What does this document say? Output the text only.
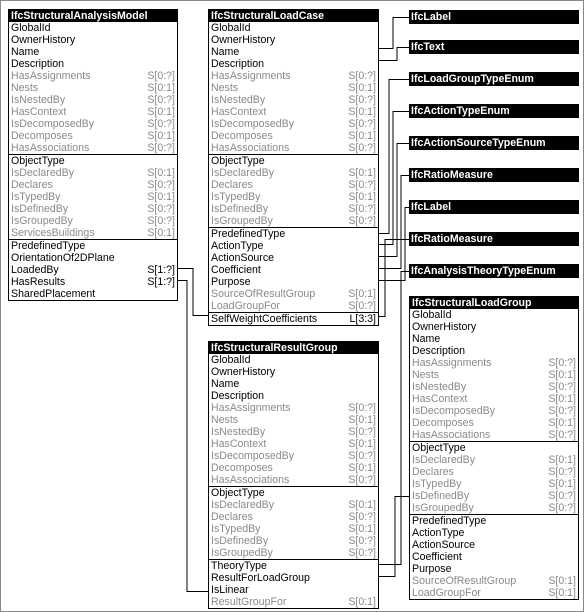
IfcStructuralAnalysisModel
GlobalId
OwnerHistory
Name
Description
HasAssignments	S[0:?]
Nests	S[0:1]
IsNestedBy	S[0:?]
HasContext	S[0:1]
IsDecomposedBy	S[0:?]
Decomposes	S[0:1]
HasAssociations	S[0:?]
ObjectType
IsDeclaredBy	S[0:1]
Declares	S[0:?]
IsTypedBy	S[0:1]
IsDefinedBy	S[0:?]
IsGroupedBy	S[0:?]
ServicesBuildings	S[0:1]
PredefinedType
OrientationOf2DPlane
LoadedBy	S[1:?]
HasResults	S[1:?]
SharedPlacement
IfcStructuralLoadCase
GlobalId
OwnerHistory
Name
Description
HasAssignments	S[0:?]
Nests	S[0:1]
IsNestedBy	S[0:?]
HasContext	S[0:1]
IsDecomposedBy	S[0:?]
Decomposes	S[0:1]
HasAssociations	S[0:?]
ObjectType
IsDeclaredBy	S[0:1]
Declares	S[0:?]
IsTypedBy	S[0:1]
IsDefinedBy	S[0:?]
IsGroupedBy	S[0:?]
PredefinedType
ActionType
ActionSource
Coefficient
Purpose
SourceOfResultGroup	S[0:1]
LoadGroupFor	S[0:?]
SelfWeightCoefficients	L[3:3]
IfcStructuralResultGroup
GlobalId
OwnerHistory
Name
Description
HasAssignments	S[0:?]
Nests	S[0:1]
IsNestedBy	S[0:?]
HasContext	S[0:1]
IsDecomposedBy	S[0:?]
Decomposes	S[0:1]
HasAssociations	S[0:?]
ObjectType
IsDeclaredBy	S[0:1]
Declares	S[0:?]
IsTypedBy	S[0:1]
IsDefinedBy	S[0:?]
IsGroupedBy	S[0:?]
TheoryType
ResultForLoadGroup
IsLinear
ResultGroupFor	S[0:1]
IfcStructuralLoadGroup
GlobalId
OwnerHistory
Name
Description
HasAssignments	S[0:?]
Nests	S[0:1]
IsNestedBy	S[0:?]
HasContext	S[0:1]
IsDecomposedBy	S[0:?]
Decomposes	S[0:1]
HasAssociations	S[0:?]
ObjectType
IsDeclaredBy	S[0:1]
Declares	S[0:?]
IsTypedBy	S[0:1]
IsDefinedBy	S[0:?]
IsGroupedBy	S[0:?]
PredefinedType
ActionType
ActionSource
Coefficient
Purpose
SourceOfResultGroup	S[0:1]
LoadGroupFor	S[0:1]
IfcLabel
IfcText
IfcLoadGroupTypeEnum
IfcActionTypeEnum
IfcActionSourceTypeEnum
IfcRatioMeasure
IfcLabel
IfcRatioMeasure
IfcAnalysisTheoryTypeEnum
